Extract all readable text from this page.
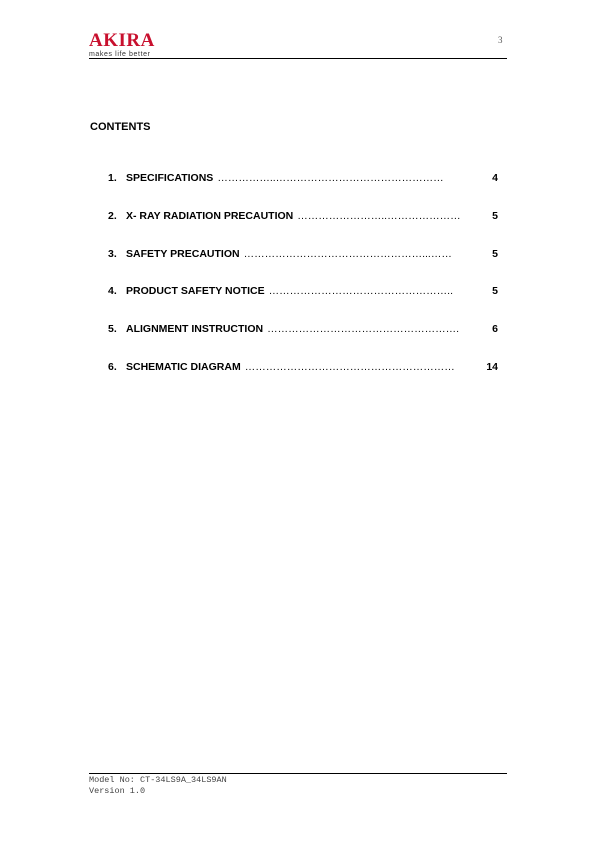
AKIRA
makes life better
3
CONTENTS
1. SPECIFICATIONS ……………..…………………………………………	4
2. X- RAY RADIATION PRECAUTION ……………………..…………………	5
3. SAFETY PRECAUTION ……………………………………………...……	5
4. PRODUCT SAFETY NOTICE ……………………………………………..	5
5. ALIGNMENT INSTRUCTION ……………………………………………….	6
6. SCHEMATIC DIAGRAM ……………………………………………………	14
Model No: CT-34LS9A_34LS9AN
Version 1.0
